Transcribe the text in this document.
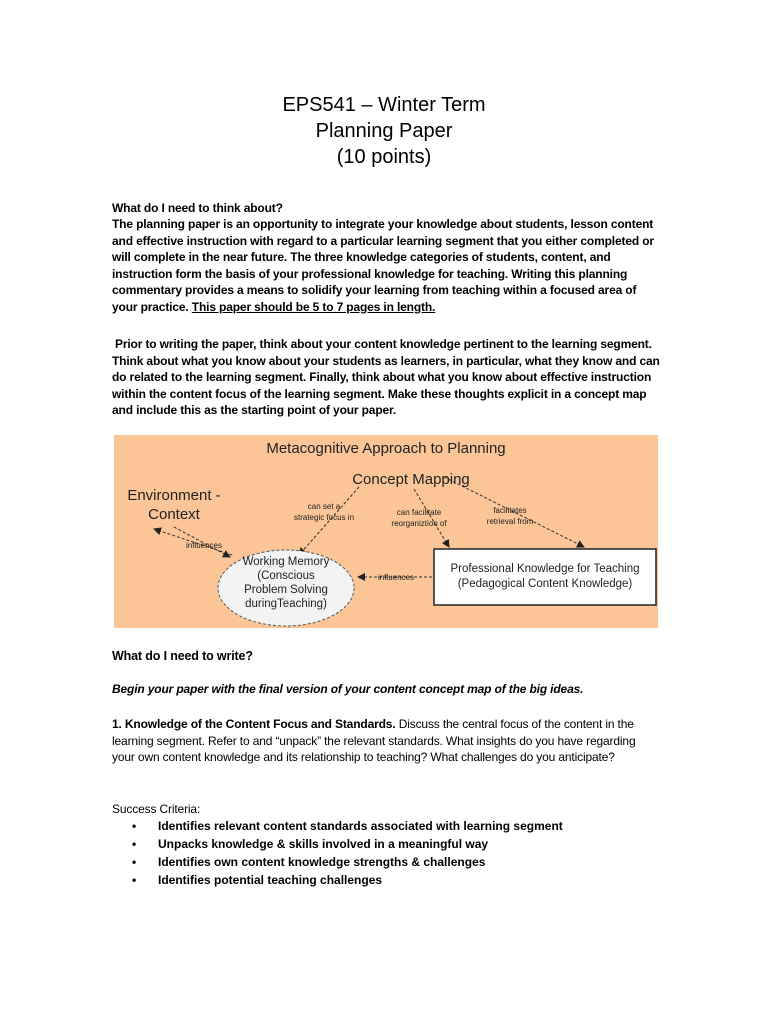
EPS541 – Winter Term
Planning Paper
(10 points)
What do I need to think about?

The planning paper is an opportunity to integrate your knowledge about students, lesson content and effective instruction with regard to a particular learning segment that you either completed or will complete in the near future. The three knowledge categories of students, content, and instruction form the basis of your professional knowledge for teaching. Writing this planning commentary provides a means to solidify your learning from teaching within a focused area of your practice. This paper should be 5 to 7 pages in length.

Prior to writing the paper, think about your content knowledge pertinent to the learning segment. Think about what you know about your students as learners, in particular, what they know and can do related to the learning segment. Finally, think about what you know about effective instruction within the content focus of the learning segment. Make these thoughts explicit in a concept map and include this as the starting point of your paper.

Metacognitive Approach to Planning
Concept Mapping
Environment -
Context	can set a
strategic focus in
can facilitate
reorganiztion of
facilitates
retrieval from
influences
influences
Working Memory
(Conscious
Problem Solving
duringTeaching)
Professional Knowledge for Teaching
(Pedagogical Content Knowledge)
What do I need to write?
Begin your paper with the final version of your content concept map of the big ideas.

1. Knowledge of the Content Focus and Standards. Discuss the central focus of the content in the learning segment. Refer to and “unpack” the relevant standards. What insights do you have regarding your own content knowledge and its relationship to teaching? What challenges do you anticipate?

Success Criteria:
• Identifies relevant content standards associated with learning segment
• Unpacks knowledge & skills involved in a meaningful way
• Identifies own content knowledge strengths & challenges
• Identifies potential teaching challenges
